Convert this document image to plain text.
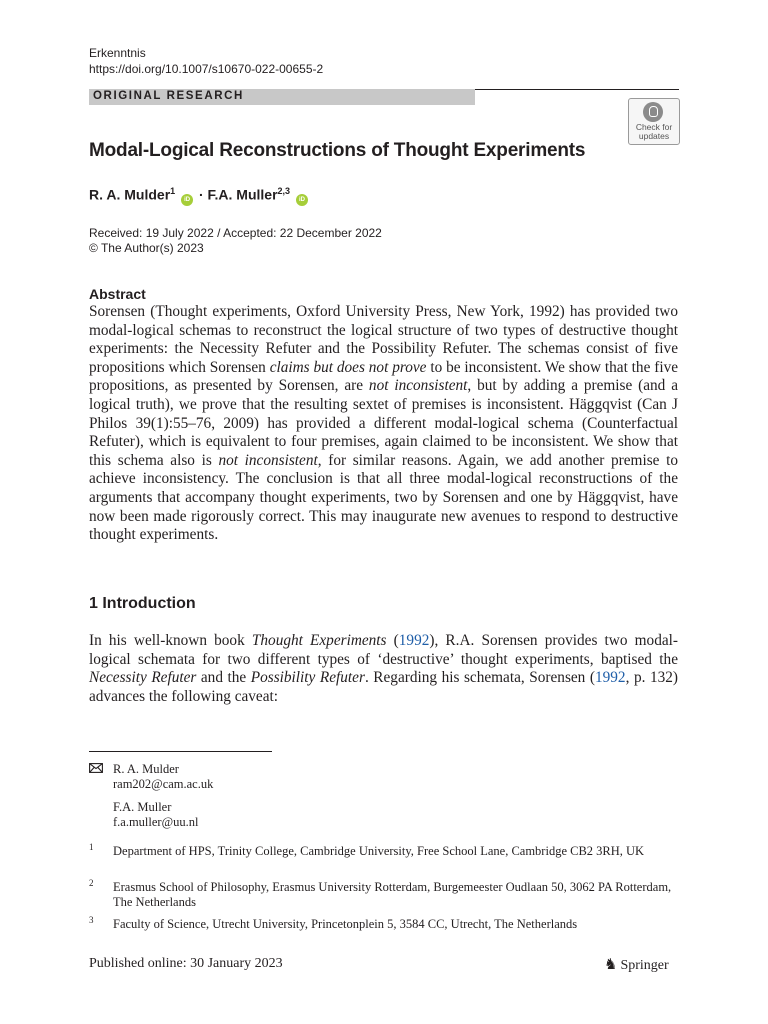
Erkenntnis
https://doi.org/10.1007/s10670-022-00655-2
ORIGINAL RESEARCH
Check for updates
Modal-Logical Reconstructions of Thought Experiments
R. A. Mulder$^1$ iD · F.A. Muller$^{2,3}$ iD
Received: 19 July 2022 / Accepted: 22 December 2022
© The Author(s) 2023
Abstract
Sorensen (Thought experiments, Oxford University Press, New York, 1992) has provided two modal-logical schemas to reconstruct the logical structure of two types of destructive thought experiments: the Necessity Refuter and the Possibility Refuter. The schemas consist of five propositions which Sorensen claims but does not prove to be inconsistent. We show that the five propositions, as presented by Sorensen, are not inconsistent, but by adding a premise (and a logical truth), we prove that the resulting sextet of premises is inconsistent. Häggqvist (Can J Philos 39(1):55–76, 2009) has provided a different modal-logical schema (Counterfactual Refuter), which is equivalent to four premises, again claimed to be inconsistent. We show that this schema also is not inconsistent, for similar reasons. Again, we add another premise to achieve inconsistency. The conclusion is that all three modal-logical reconstructions of the arguments that accompany thought experiments, two by Sorensen and one by Häggqvist, have now been made rigorously correct. This may inaugurate new avenues to respond to destructive thought experiments.
1 Introduction
In his well-known book Thought Experiments (1992), R.A. Sorensen provides two modal-logical schemata for two different types of ‘destructive’ thought experiments, baptised the Necessity Refuter and the Possibility Refuter. Regarding his schemata, Sorensen (1992, p. 132) advances the following caveat:
R. A. Mulder
ram202@cam.ac.uk
F.A. Muller
f.a.muller@uu.nl
1 Department of HPS, Trinity College, Cambridge University, Free School Lane, Cambridge CB2 3RH, UK
2 Erasmus School of Philosophy, Erasmus University Rotterdam, Burgemeester Oudlaan 50, 3062 PA Rotterdam, The Netherlands
3 Faculty of Science, Utrecht University, Princetonplein 5, 3584 CC, Utrecht, The Netherlands
Published online: 30 January 2023	♞ Springer
